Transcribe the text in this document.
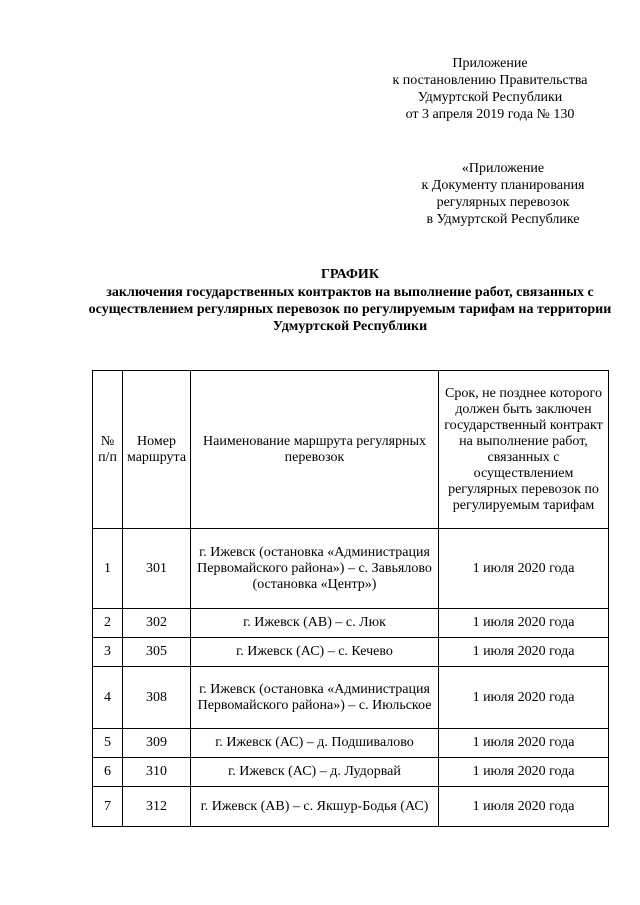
Приложение
к постановлению Правительства
Удмуртской Республики
от 3 апреля 2019 года № 130
«Приложение
к Документу планирования
регулярных перевозок
в Удмуртской Республике
ГРАФИК
заключения государственных контрактов на выполнение работ, связанных с осуществлением регулярных перевозок по регулируемым тарифам на территории Удмуртской Республики
№ п/п	Номер маршрута	Наименование маршрута регулярных перевозок	Срок, не позднее которого должен быть заключен государственный контракт на выполнение работ, связанных с осуществлением регулярных перевозок по регулируемым тарифам
1	301	г. Ижевск (остановка «Администрация Первомайского района») – с. Завьялово (остановка «Центр»)	1 июля 2020 года
2	302	г. Ижевск (АВ) – с. Люк	1 июля 2020 года
3	305	г. Ижевск (АС) – с. Кечево	1 июля 2020 года
4	308	г. Ижевск (остановка «Администрация Первомайского района») – с. Июльское	1 июля 2020 года
5	309	г. Ижевск (АС) – д. Подшивалово	1 июля 2020 года
6	310	г. Ижевск (АС) – д. Лудорвай	1 июля 2020 года
7	312	г. Ижевск (АВ) – с. Якшур-Бодья (АС)	1 июля 2020 года
